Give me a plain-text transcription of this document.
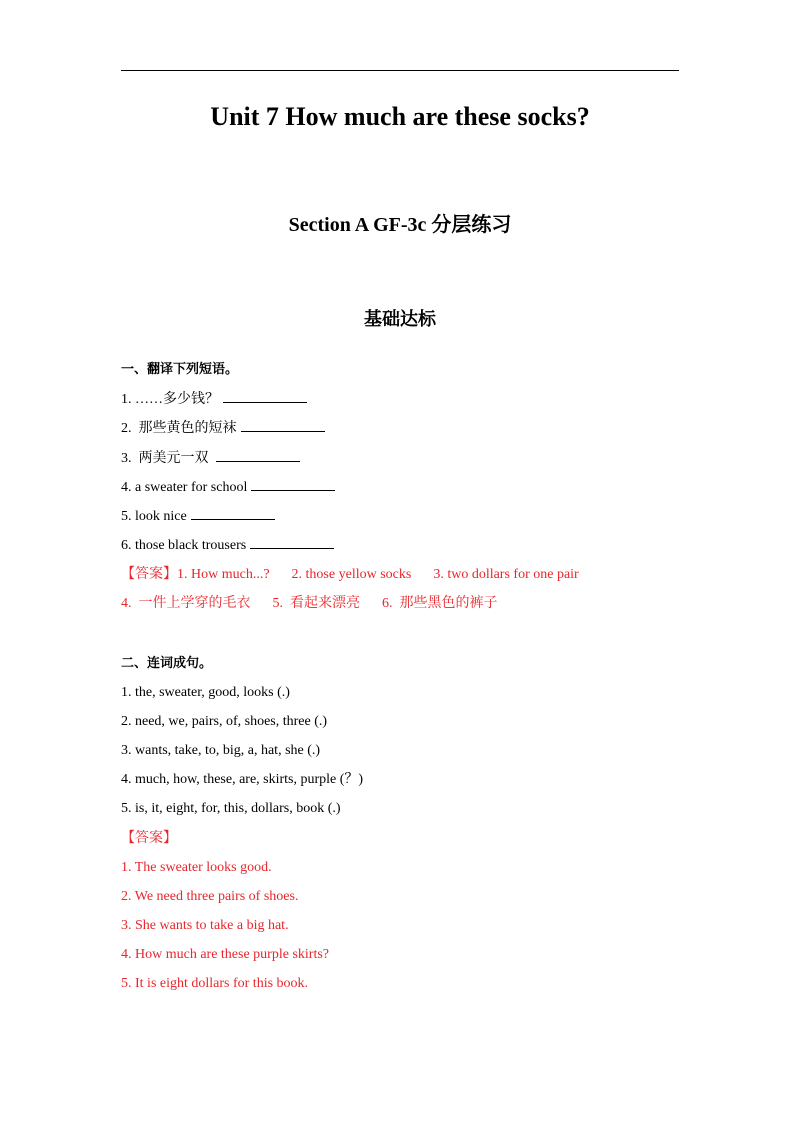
Unit 7 How much are these socks?
Section A GF-3c 分层练习
基础达标
一、翻译下列短语。
1. ……多少钱？
2.  那些黄色的短袜
3.  两美元一双
4. a sweater for school
5. look nice
6. those black trousers
【答案】1. How much...? 2. those yellow socks 3. two dollars for one pair
4.  一件上学穿的毛衣 5.  看起来漂亮 6.  那些黑色的裤子
二、连词成句。
1. the, sweater, good, looks (.)
2. need, we, pairs, of, shoes, three (.)
3. wants, take, to, big, a, hat, she (.)
4. much, how, these, are, skirts, purple (？)
5. is, it, eight, for, this, dollars, book (.)
【答案】
1. The sweater looks good.
2. We need three pairs of shoes.
3. She wants to take a big hat.
4. How much are these purple skirts?
5. It is eight dollars for this book.
